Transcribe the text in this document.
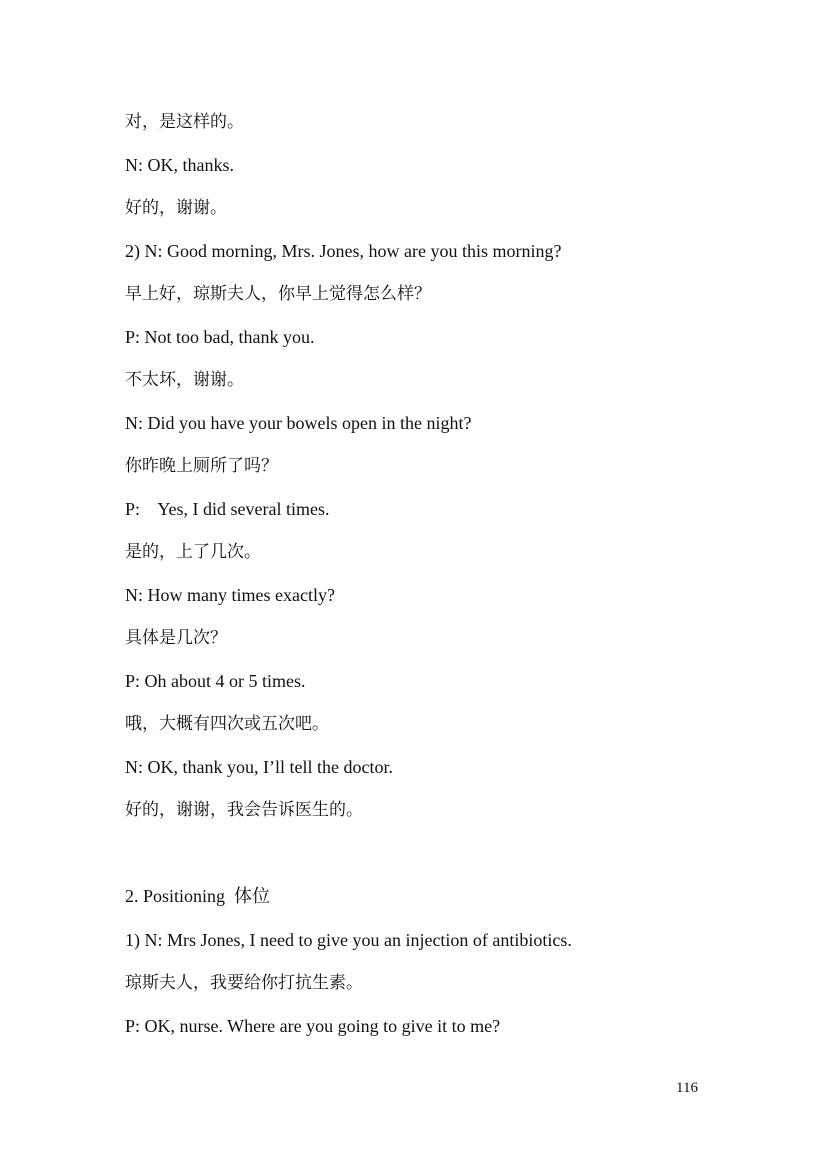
对，是这样的。
N: OK, thanks.
好的，谢谢。
2) N: Good morning, Mrs. Jones, how are you this morning?
早上好，琼斯夫人，你早上觉得怎么样？
P: Not too bad, thank you.
不太坏，谢谢。
N: Did you have your bowels open in the night?
你昨晚上厕所了吗？
P:    Yes, I did several times.
是的，上了几次。
N: How many times exactly?
具体是几次？
P: Oh about 4 or 5 times.
哦，大概有四次或五次吧。
N: OK, thank you, I’ll tell the doctor.
好的，谢谢，我会告诉医生的。
2. Positioning  体位
1) N: Mrs Jones, I need to give you an injection of antibiotics.
琼斯夫人，我要给你打抗生素。
P: OK, nurse. Where are you going to give it to me?
116
